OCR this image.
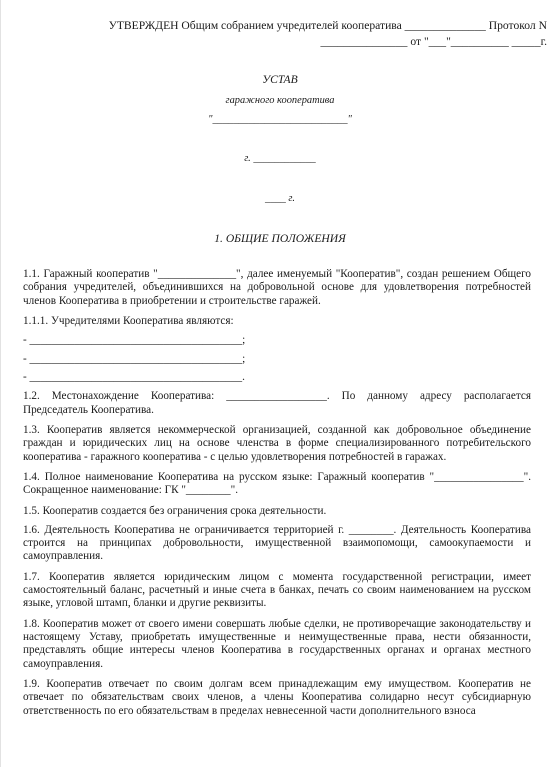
УТВЕРЖДЕН Общим собранием учредителей кооператива ______________ Протокол N
_______________ от "___"__________ _____г.
УСТАВ
гаражного кооператива
"__________________________"
г. ____________
____ г.
1. ОБЩИЕ ПОЛОЖЕНИЯ

1.1. Гаражный кооператив "______________", далее именуемый "Кооператив", создан решением Общего собрания учредителей, объединившихся на добровольной основе для удовлетворения потребностей членов Кооператива в приобретении и строительстве гаражей.

1.1.1. Учредителями Кооператива являются:

- ______________________________________;

- ______________________________________;

- ______________________________________.

1.2. Местонахождение Кооператива: __________________. По данному адресу располагается Председатель Кооператива.

1.3. Кооператив является некоммерческой организацией, созданной как добровольное объединение граждан и юридических лиц на основе членства в форме специализированного потребительского кооператива - гаражного кооператива - с целью удовлетворения потребностей в гаражах.

1.4. Полное наименование Кооператива на русском языке: Гаражный кооператив "________________". Сокращенное наименование: ГК "________".

1.5. Кооператив создается без ограничения срока деятельности.

1.6. Деятельность Кооператива не ограничивается территорией г. ________. Деятельность Кооператива строится на принципах добровольности, имущественной взаимопомощи, самоокупаемости и самоуправления.

1.7. Кооператив является юридическим лицом с момента государственной регистрации, имеет самостоятельный баланс, расчетный и иные счета в банках, печать со своим наименованием на русском языке, угловой штамп, бланки и другие реквизиты.

1.8. Кооператив может от своего имени совершать любые сделки, не противоречащие законодательству и настоящему Уставу, приобретать имущественные и неимущественные права, нести обязанности, представлять общие интересы членов Кооператива в государственных органах и органах местного самоуправления.

1.9. Кооператив отвечает по своим долгам всем принадлежащим ему имуществом. Кооператив не отвечает по обязательствам своих членов, а члены Кооператива солидарно несут субсидиарную ответственность по его обязательствам в пределах невнесенной части дополнительного взноса
